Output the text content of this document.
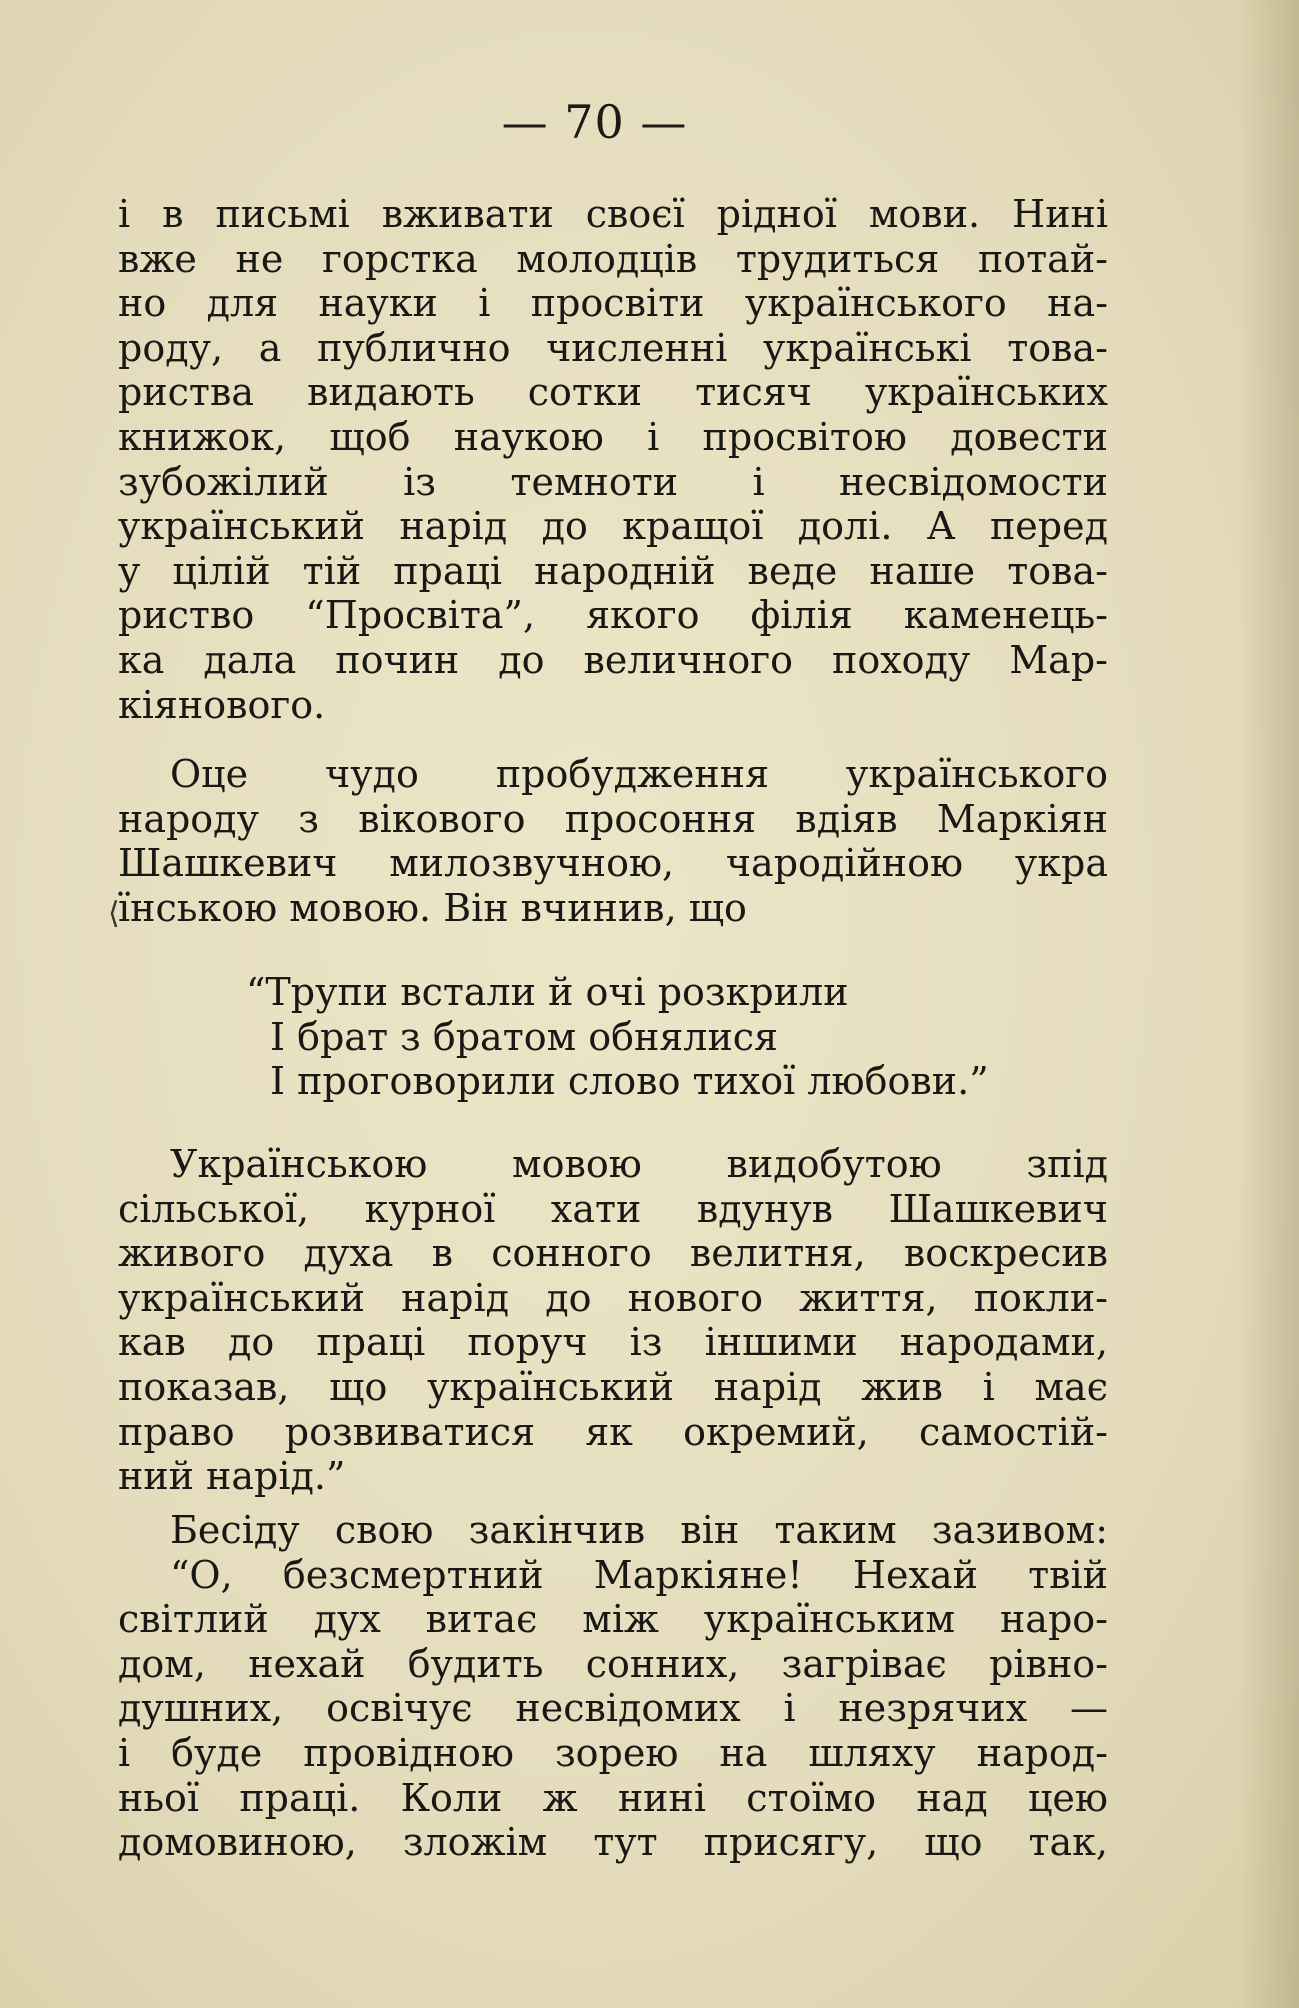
— 70 —
і в письмі вживати своєї рідної мови. Нині
вже не горстка молодців трудиться потай-
но для науки і просвіти українського на-
роду, а публично численні українські това-
риства видають сотки тисяч українських
книжок, щоб наукою і просвітою довести
зубожілий із темноти і несвідомости
український нарід до кращої долі. А перед
у цілій тій праці народній веде наше това-
риство “Просвіта”, якого філія каменець-
ка дала почин до величного походу Мар-
кіянового.
Оце чудо пробудження українського
народу з вікового просоння вдіяв Маркіян
Шашкевич милозвучною, чародійною укра
їнською мовою. Він вчинив, що
⟨
“Трупи встали й очі розкрили
І брат з братом обнялися
І проговорили слово тихої любови.”
Українською мовою видобутою зпід
сільської, курної хати вдунув Шашкевич
живого духа в сонного велитня, воскресив
український нарід до нового життя, покли-
кав до праці поруч із іншими народами,
показав, що український нарід жив і має
право розвиватися як окремий, самостій-
ний нарід.”
Бесіду свою закінчив він таким зазивом:
“О, безсмертний Маркіяне! Нехай твій
світлий дух витає між українським наро-
дом, нехай будить сонних, загріває рівно-
душних, освічує несвідомих і незрячих —
і буде провідною зорею на шляху народ-
ньої праці. Коли ж нині стоїмо над цею
домовиною, зложім тут присягу, що так,
